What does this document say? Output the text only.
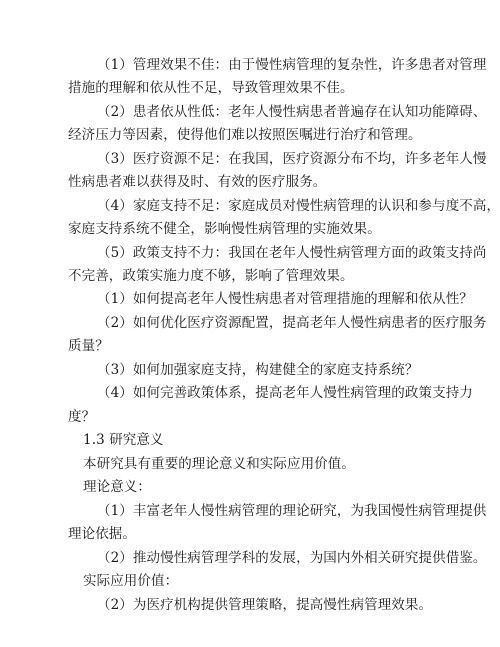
（1）管理效果不佳：由于慢性病管理的复杂性，许多患者对管理
措施的理解和依从性不足，导致管理效果不佳。
（2）患者依从性低：老年人慢性病患者普遍存在认知功能障碍、
经济压力等因素，使得他们难以按照医嘱进行治疗和管理。
（3）医疗资源不足：在我国，医疗资源分布不均，许多老年人慢
性病患者难以获得及时、有效的医疗服务。
（4）家庭支持不足：家庭成员对慢性病管理的认识和参与度不高，
家庭支持系统不健全，影响慢性病管理的实施效果。
（5）政策支持不力：我国在老年人慢性病管理方面的政策支持尚
不完善，政策实施力度不够，影响了管理效果。
（1）如何提高老年人慢性病患者对管理措施的理解和依从性？
（2）如何优化医疗资源配置，提高老年人慢性病患者的医疗服务
质量？
（3）如何加强家庭支持，构建健全的家庭支持系统？
（4）如何完善政策体系，提高老年人慢性病管理的政策支持力
度？
1.3 研究意义
本研究具有重要的理论意义和实际应用价值。
理论意义：
（1）丰富老年人慢性病管理的理论研究，为我国慢性病管理提供
理论依据。
（2）推动慢性病管理学科的发展，为国内外相关研究提供借鉴。
实际应用价值：
（2）为医疗机构提供管理策略，提高慢性病管理效果。
